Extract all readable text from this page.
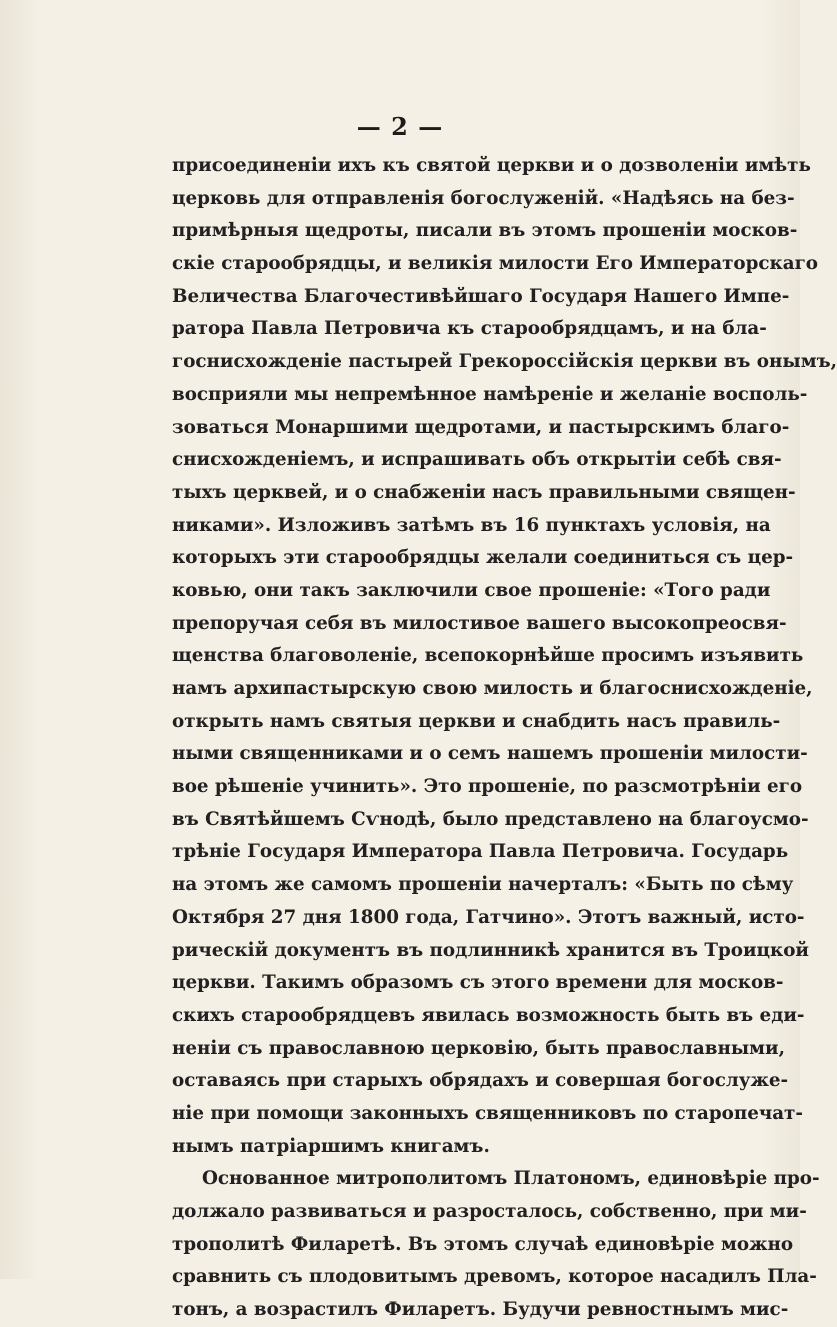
— 2 —
присоединеніи ихъ къ святой церкви и о дозволеніи имѣть
церковь для отправленія богослуженій. «Надѣясь на без-
примѣрныя щедроты, писали въ этомъ прошеніи москов-
скіе старообрядцы, и великія милости Его Императорскаго
Величества Благочестивѣйшаго Государя Нашего Импе-
ратора Павла Петровича къ старообрядцамъ, и на бла-
госнисхожденіе пастырей Грекороссійскія церкви въ онымъ,
восприяли мы непремѣнное намѣреніе и желаніе восполь-
зоваться Монаршими щедротами, и пастырскимъ благо-
снисхожденіемъ, и испрашивать объ открытіи себѣ свя-
тыхъ церквей, и о снабженіи насъ правильными священ-
никами». Изложивъ затѣмъ въ 16 пунктахъ условія, на
которыхъ эти старообрядцы желали соединиться съ цер-
ковью, они такъ заключили свое прошеніе: «Того ради
препоручая себя въ милостивое вашего высокопреосвя-
щенства благоволеніе, всепокорнѣйше просимъ изъявить
намъ архипастырскую свою милость и благоснисхожденіе,
открыть намъ святыя церкви и снабдить насъ правиль-
ными священниками и о семъ нашемъ прошеніи милости-
вое рѣшеніе учинить». Это прошеніе, по разсмотрѣніи его
въ Святѣйшемъ Сѵнодѣ, было представлено на благоусмо-
трѣніе Государя Императора Павла Петровича. Государь
на этомъ же самомъ прошеніи начерталъ: «Быть по сѣму
Октября 27 дня 1800 года, Гатчино». Этотъ важный, исто-
рическій документъ въ подлинникѣ хранится въ Троицкой
церкви. Такимъ образомъ съ этого времени для москов-
скихъ старообрядцевъ явилась возможность быть въ еди-
неніи съ православною церковію, быть православными,
оставаясь при старыхъ обрядахъ и совершая богослуже-
ніе при помощи законныхъ священниковъ по старопечат-
нымъ патріаршимъ книгамъ.
Основанное митрополитомъ Платономъ, единовѣріе про-
должало развиваться и разросталось, собственно, при ми-
трополитѣ Филаретѣ. Въ этомъ случаѣ единовѣріе можно
сравнить съ плодовитымъ древомъ, которое насадилъ Пла-
тонъ, а возрастилъ Филаретъ. Будучи ревностнымъ мис-
